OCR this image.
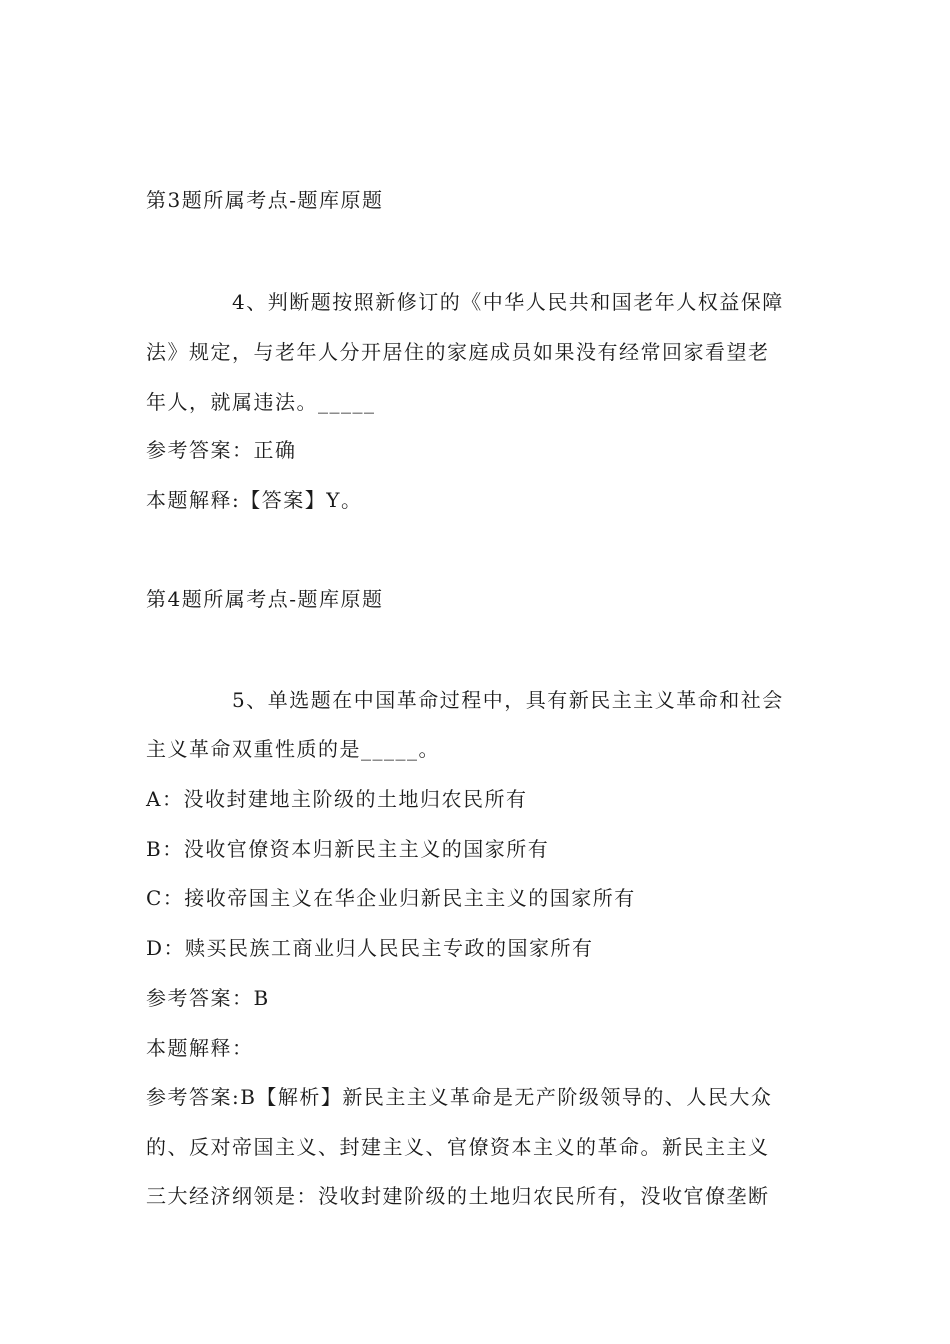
第3题所属考点-题库原题
4、判断题按照新修订的《中华人民共和国老年人权益保障
法》规定，与老年人分开居住的家庭成员如果没有经常回家看望老
年人，就属违法。_____
参考答案：正确
本题解释:【答案】Y。
第4题所属考点-题库原题
5、单选题在中国革命过程中，具有新民主主义革命和社会
主义革命双重性质的是_____。
A：没收封建地主阶级的土地归农民所有
B：没收官僚资本归新民主主义的国家所有
C：接收帝国主义在华企业归新民主主义的国家所有
D：赎买民族工商业归人民民主专政的国家所有
参考答案：B
本题解释：
参考答案:B【解析】新民主主义革命是无产阶级领导的、人民大众
的、反对帝国主义、封建主义、官僚资本主义的革命。新民主主义
三大经济纲领是：没收封建阶级的土地归农民所有，没收官僚垄断
